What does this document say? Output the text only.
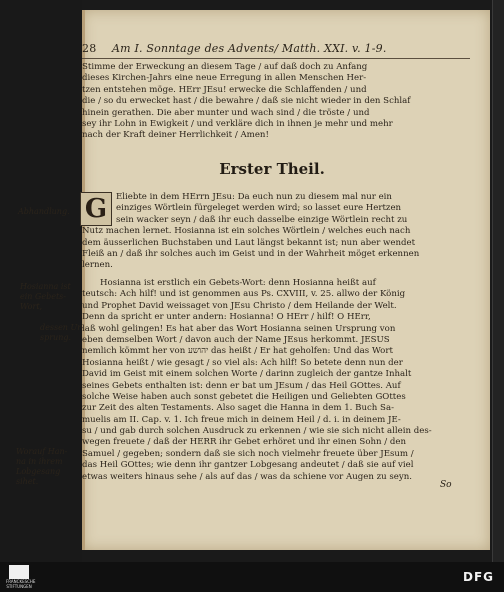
28 Am I. Sonntage des Advents/ Matth. XXI. v. 1-9.
Stimme der Erweckung an diesem Tage / auf daß doch zu Anfang
dieses Kirchen-Jahrs eine neue Erregung in allen Menschen Her-
tzen entstehen möge. HErr JEsu! erwecke die Schlaffenden / und
die / so du erwecket hast / die bewahre / daß sie nicht wieder in den Schlaf
hinein gerathen. Die aber munter und wach sind / die tröste / und
sey ihr Lohn in Ewigkeit / und verkläre dich in ihnen je mehr und mehr
nach der Kraft deiner Herrlichkeit / Amen!
Erster Theil.
G	Eliebte in dem HErrn JEsu: Da euch nun zu diesem mal nur ein
einziges Wörtlein fürgeleget werden wird; so lasset eure Hertzen
sein wacker seyn / daß ihr euch dasselbe einzige Wörtlein recht zu
Nutz machen lernet. Hosianna ist ein solches Wörtlein / welches euch nach
dem äusserlichen Buchstaben und Laut längst bekannt ist; nun aber wendet
Fleiß an / daß ihr solches auch im Geist und in der Wahrheit möget erkennen
lernen.
Hosianna ist erstlich ein Gebets-Wort: denn Hosianna heißt auf
teutsch: Ach hilf! und ist genommen aus Ps. CXVIII, v. 25. allwo der König
und Prophet David weissaget von JEsu Christo / dem Heilande der Welt.
Denn da spricht er unter andern: Hosianna! O HErr / hilf! O HErr,
laß wohl gelingen! Es hat aber das Wort Hosianna seinen Ursprung von
eben demselben Wort / davon auch der Name JEsus herkommt. JESUS
nemlich kömmt her von יהושע das heißt / Er hat geholfen: Und das Wort
Hosianna heißt / wie gesagt / so viel als: Ach hilf! So betete denn nun der
David im Geist mit einem solchen Worte / darinn zugleich der gantze Inhalt
seines Gebets enthalten ist: denn er bat um JEsum / das Heil GOttes. Auf
solche Weise haben auch sonst gebetet die Heiligen und Geliebten GOttes
zur Zeit des alten Testaments. Also saget die Hanna in dem 1. Buch Sa-
muelis am II. Cap. v. 1. Ich freue mich in deinem Heil / d. i. in deinem JE-
su / und gab durch solchen Ausdruck zu erkennen / wie sie sich nicht allein des-
wegen freuete / daß der HERR ihr Gebet erhöret und ihr einen Sohn / den
Samuel / gegeben; sondern daß sie sich noch vielmehr freuete über JEsum /
das Heil GOttes; wie denn ihr gantzer Lobgesang andeutet / daß sie auf viel
etwas weiters hinaus sehe / als auf das / was da schiene vor Augen zu seyn.
Abhandlung.
Hosianna ist
ein Gebets-
Wort,
dessen Ur-
sprung.
Worauf Han-
na in ihrem
Lobgesang
sihet.	So
FRANCKESCHE STIFTUNGEN
DFG
